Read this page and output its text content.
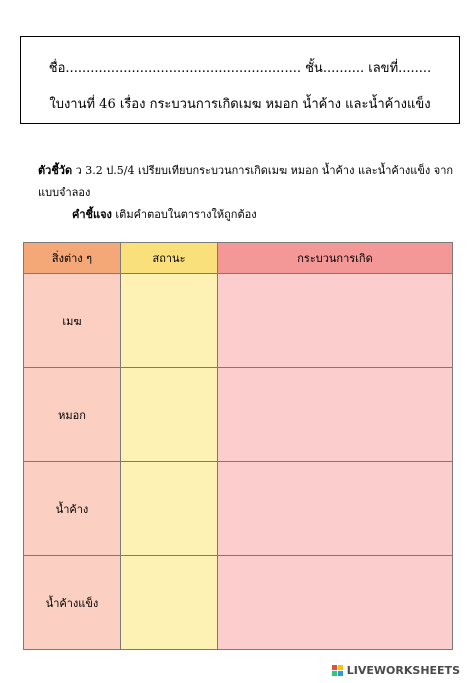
ชื่อ......................................................... ชั้น.......... เลขที่........
ใบงานที่ 46 เรื่อง กระบวนการเกิดเมฆ หมอก น้ำค้าง และน้ำค้างแข็ง
ตัวชี้วัด ว 3.2 ป.5/4 เปรียบเทียบกระบวนการเกิดเมฆ หมอก น้ำค้าง และน้ำค้างแข็ง จากแบบจำลอง
คำชี้แจง เติมคำตอบในตารางให้ถูกต้อง
สิ่งต่าง ๆ	สถานะ	กระบวนการเกิด
เมฆ		
หมอก		
น้ำค้าง		
น้ำค้างแข็ง		
LIVEWORKSHEETS
